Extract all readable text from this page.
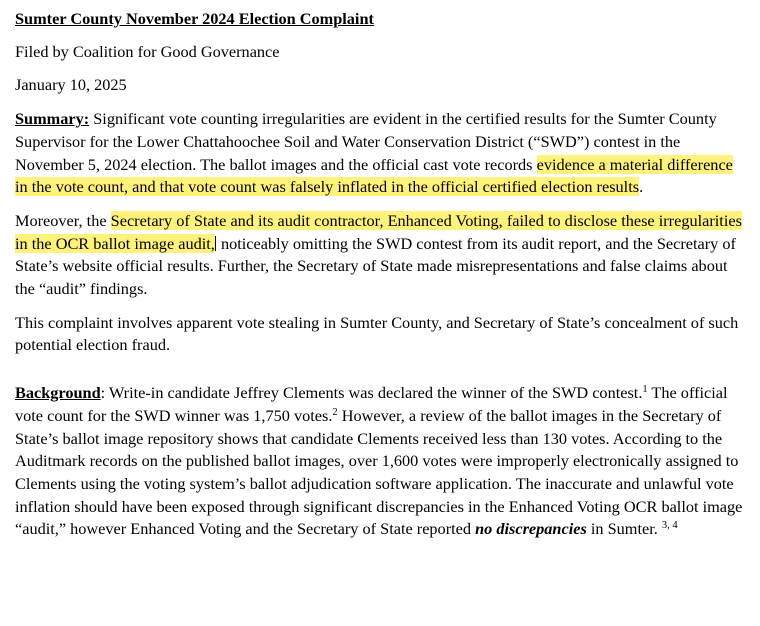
Sumter County November 2024 Election Complaint

Filed by Coalition for Good Governance

January 10, 2025

Summary: Significant vote counting irregularities are evident in the certified results for the Sumter County Supervisor for the Lower Chattahoochee Soil and Water Conservation District (“SWD”) contest in the November 5, 2024 election. The ballot images and the official cast vote records evidence a material difference in the vote count, and that vote count was falsely inflated in the official certified election results.

Moreover, the Secretary of State and its audit contractor, Enhanced Voting, failed to disclose these irregularities in the OCR ballot image audit, noticeably omitting the SWD contest from its audit report, and the Secretary of State’s website official results. Further, the Secretary of State made misrepresentations and false claims about the “audit” findings.

This complaint involves apparent vote stealing in Sumter County, and Secretary of State’s concealment of such potential election fraud.

Background: Write-in candidate Jeffrey Clements was declared the winner of the SWD contest.$^1$ The official vote count for the SWD winner was 1,750 votes.$^2$ However, a review of the ballot images in the Secretary of State’s ballot image repository shows that candidate Clements received less than 130 votes. According to the Auditmark records on the published ballot images, over 1,600 votes were improperly electronically assigned to Clements using the voting system’s ballot adjudication software application. The inaccurate and unlawful vote inflation should have been exposed through significant discrepancies in the Enhanced Voting OCR ballot image “audit,” however Enhanced Voting and the Secretary of State reported no discrepancies in Sumter. $^{3, 4}$
